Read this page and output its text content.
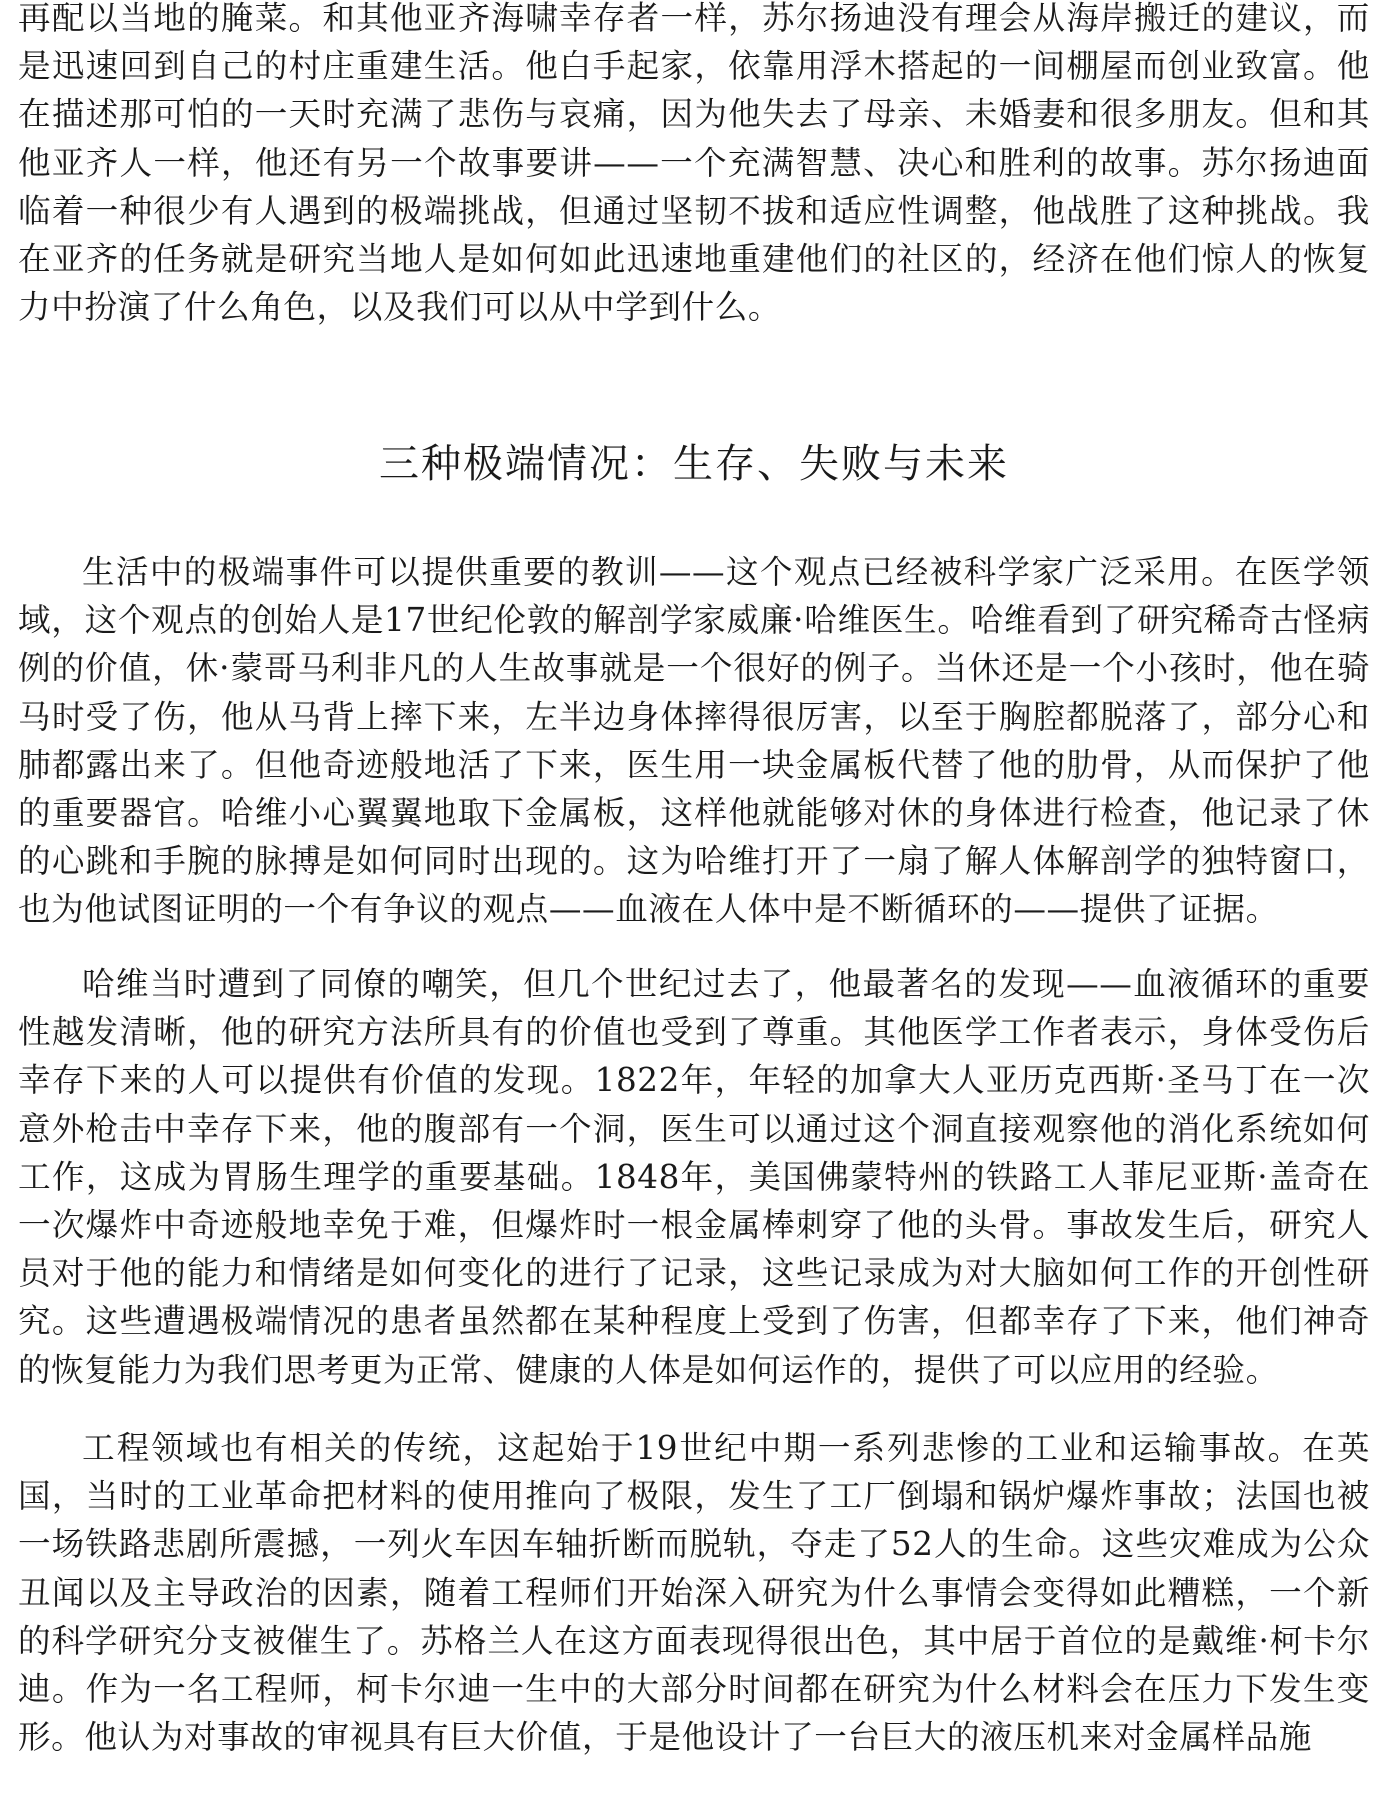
再配以当地的腌菜。和其他亚齐海啸幸存者一样，苏尔扬迪没有理会从海岸搬迁的建议，而是迅速回到自己的村庄重建生活。他白手起家，依靠用浮木搭起的一间棚屋而创业致富。他在描述那可怕的一天时充满了悲伤与哀痛，因为他失去了母亲、未婚妻和很多朋友。但和其他亚齐人一样，他还有另一个故事要讲——一个充满智慧、决心和胜利的故事。苏尔扬迪面临着一种很少有人遇到的极端挑战，但通过坚韧不拔和适应性调整，他战胜了这种挑战。我在亚齐的任务就是研究当地人是如何如此迅速地重建他们的社区的，经济在他们惊人的恢复力中扮演了什么角色，以及我们可以从中学到什么。

三种极端情况：生存、失败与未来

生活中的极端事件可以提供重要的教训——这个观点已经被科学家广泛采用。在医学领域，这个观点的创始人是17世纪伦敦的解剖学家威廉·哈维医生。哈维看到了研究稀奇古怪病例的价值，休·蒙哥马利非凡的人生故事就是一个很好的例子。当休还是一个小孩时，他在骑马时受了伤，他从马背上摔下来，左半边身体摔得很厉害，以至于胸腔都脱落了，部分心和肺都露出来了。但他奇迹般地活了下来，医生用一块金属板代替了他的肋骨，从而保护了他的重要器官。哈维小心翼翼地取下金属板，这样他就能够对休的身体进行检查，他记录了休的心跳和手腕的脉搏是如何同时出现的。这为哈维打开了一扇了解人体解剖学的独特窗口，也为他试图证明的一个有争议的观点——血液在人体中是不断循环的——提供了证据。

哈维当时遭到了同僚的嘲笑，但几个世纪过去了，他最著名的发现——血液循环的重要性越发清晰，他的研究方法所具有的价值也受到了尊重。其他医学工作者表示，身体受伤后幸存下来的人可以提供有价值的发现。1822年，年轻的加拿大人亚历克西斯·圣马丁在一次意外枪击中幸存下来，他的腹部有一个洞，医生可以通过这个洞直接观察他的消化系统如何工作，这成为胃肠生理学的重要基础。1848年，美国佛蒙特州的铁路工人菲尼亚斯·盖奇在一次爆炸中奇迹般地幸免于难，但爆炸时一根金属棒刺穿了他的头骨。事故发生后，研究人员对于他的能力和情绪是如何变化的进行了记录，这些记录成为对大脑如何工作的开创性研究。这些遭遇极端情况的患者虽然都在某种程度上受到了伤害，但都幸存了下来，他们神奇的恢复能力为我们思考更为正常、健康的人体是如何运作的，提供了可以应用的经验。

工程领域也有相关的传统，这起始于19世纪中期一系列悲惨的工业和运输事故。在英国，当时的工业革命把材料的使用推向了极限，发生了工厂倒塌和锅炉爆炸事故；法国也被一场铁路悲剧所震撼，一列火车因车轴折断而脱轨，夺走了52人的生命。这些灾难成为公众丑闻以及主导政治的因素，随着工程师们开始深入研究为什么事情会变得如此糟糕，一个新的科学研究分支被催生了。苏格兰人在这方面表现得很出色，其中居于首位的是戴维·柯卡尔迪。作为一名工程师，柯卡尔迪一生中的大部分时间都在研究为什么材料会在压力下发生变形。他认为对事故的审视具有巨大价值，于是他设计了一台巨大的液压机来对金属样品施
